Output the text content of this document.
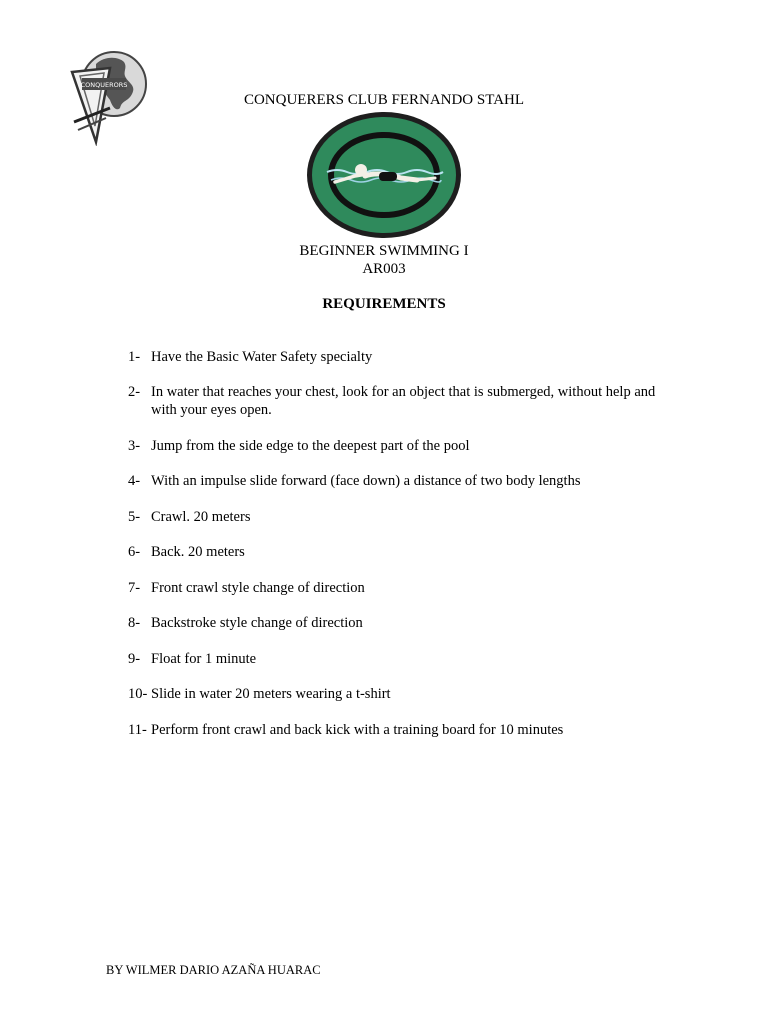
CONQUERORS
CONQUERERS CLUB FERNANDO STAHL
BEGINNER SWIMMING I
AR003
REQUIREMENTS
1- Have the Basic Water Safety specialty
2- In water that reaches your chest, look for an object that is submerged, without help and with your eyes open.
3- Jump from the side edge to the deepest part of the pool
4- With an impulse slide forward (face down) a distance of two body lengths
5- Crawl. 20 meters
6- Back. 20 meters
7- Front crawl style change of direction
8- Backstroke style change of direction
9- Float for 1 minute
10- Slide in water 20 meters wearing a t-shirt
11- Perform front crawl and back kick with a training board for 10 minutes
BY WILMER DARIO AZAÑA HUARAC
